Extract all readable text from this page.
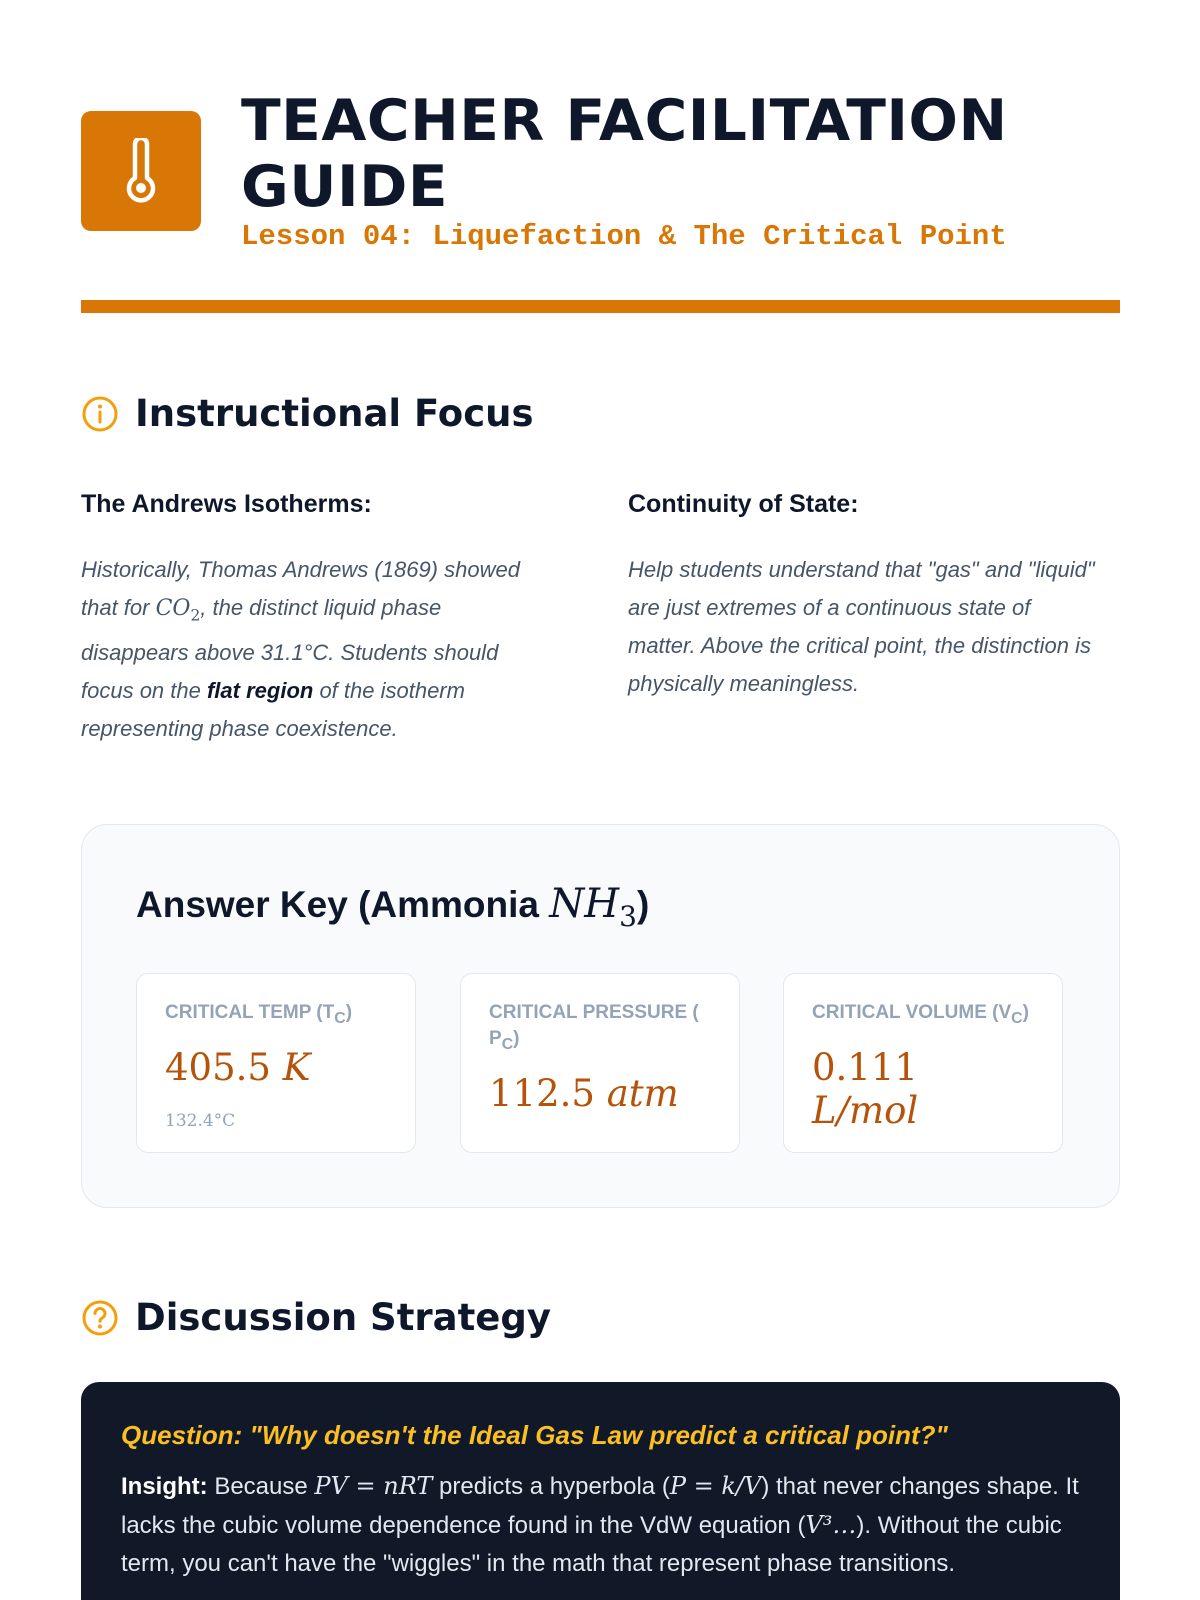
TEACHER FACILITATION GUIDE
Lesson 04: Liquefaction & The Critical Point
Instructional Focus
The Andrews Isotherms:

Historically, Thomas Andrews (1869) showed that for $CO_2$, the distinct liquid phase disappears above 31.1°C. Students should focus on the flat region of the isotherm representing phase coexistence.

Continuity of State:

Help students understand that "gas" and "liquid" are just extremes of a continuous state of matter. Above the critical point, the distinction is physically meaningless.

Answer Key (Ammonia $NH_3$)
CRITICAL TEMP $(T_C)$
405.5 K
132.4°C
CRITICAL PRESSURE (
$P_C$)
112.5 atm
CRITICAL VOLUME $(V_C)$
0.111 L/mol
Discussion Strategy
Question: "Why doesn't the Ideal Gas Law predict a critical point?"
Insight: Because PV = nRT predicts a hyperbola (P = k/V) that never changes shape. It lacks the cubic volume dependence found in the VdW equation (V³…). Without the cubic term, you can't have the "wiggles" in the math that represent phase transitions.
